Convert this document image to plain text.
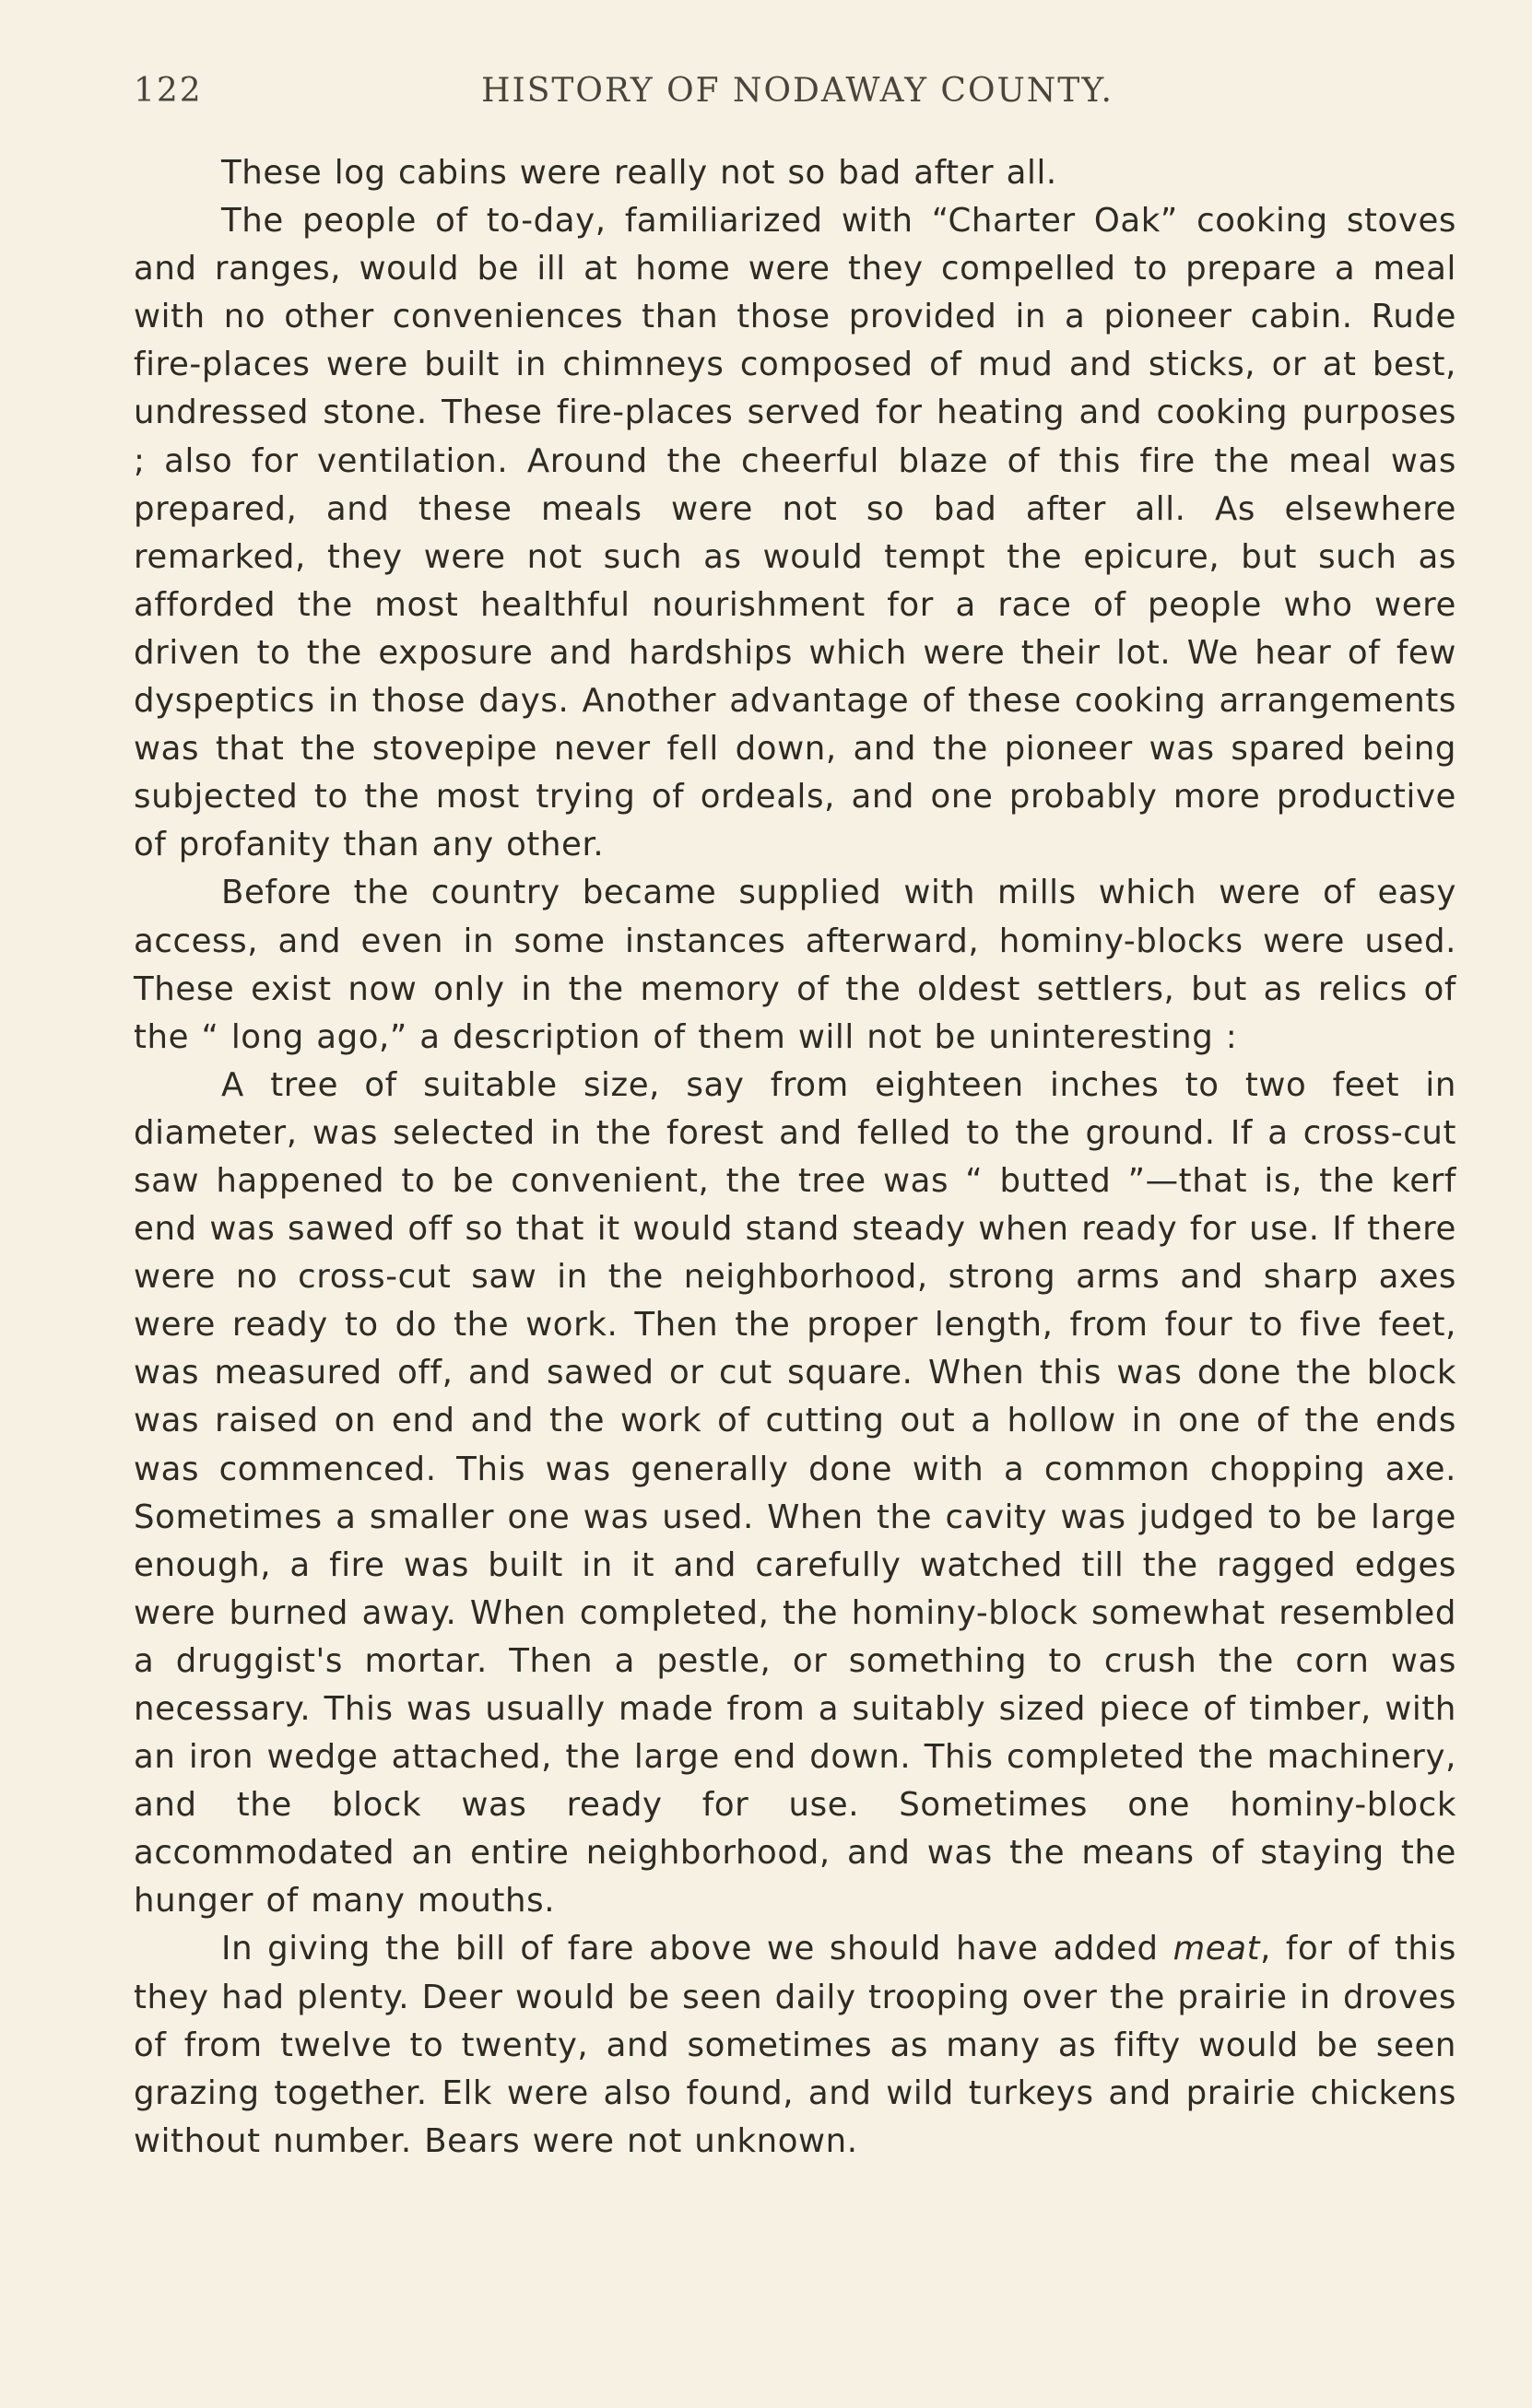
122	HISTORY OF NODAWAY COUNTY.

These log cabins were really not so bad after all.

The people of to-day, familiarized with “Charter Oak” cooking stoves and ranges, would be ill at home were they compelled to prepare a meal with no other conveniences than those provided in a pioneer cabin. Rude fire-places were built in chimneys composed of mud and sticks, or at best, undressed stone. These fire-places served for heating and cooking purposes ; also for ventilation. Around the cheerful blaze of this fire the meal was prepared, and these meals were not so bad after all. As elsewhere remarked, they were not such as would tempt the epicure, but such as afforded the most healthful nourishment for a race of people who were driven to the exposure and hardships which were their lot. We hear of few dyspeptics in those days. Another advantage of these cooking arrangements was that the stovepipe never fell down, and the pioneer was spared being subjected to the most trying of ordeals, and one probably more productive of profanity than any other.

Before the country became supplied with mills which were of easy access, and even in some instances afterward, hominy-blocks were used. These exist now only in the memory of the oldest settlers, but as relics of the “ long ago,” a description of them will not be uninteresting :

A tree of suitable size, say from eighteen inches to two feet in diameter, was selected in the forest and felled to the ground. If a cross-cut saw happened to be convenient, the tree was “ butted ”—that is, the kerf end was sawed off so that it would stand steady when ready for use. If there were no cross-cut saw in the neighborhood, strong arms and sharp axes were ready to do the work. Then the proper length, from four to five feet, was measured off, and sawed or cut square. When this was done the block was raised on end and the work of cutting out a hollow in one of the ends was commenced. This was generally done with a common chopping axe. Sometimes a smaller one was used. When the cavity was judged to be large enough, a fire was built in it and carefully watched till the ragged edges were burned away. When completed, the hominy-block somewhat resembled a druggist's mortar. Then a pestle, or something to crush the corn was necessary. This was usually made from a suitably sized piece of timber, with an iron wedge attached, the large end down. This completed the machinery, and the block was ready for use. Sometimes one hominy-block accommodated an entire neighborhood, and was the means of staying the hunger of many mouths.

In giving the bill of fare above we should have added meat, for of this they had plenty. Deer would be seen daily trooping over the prairie in droves of from twelve to twenty, and sometimes as many as fifty would be seen grazing together. Elk were also found, and wild turkeys and prairie chickens without number. Bears were not unknown.
